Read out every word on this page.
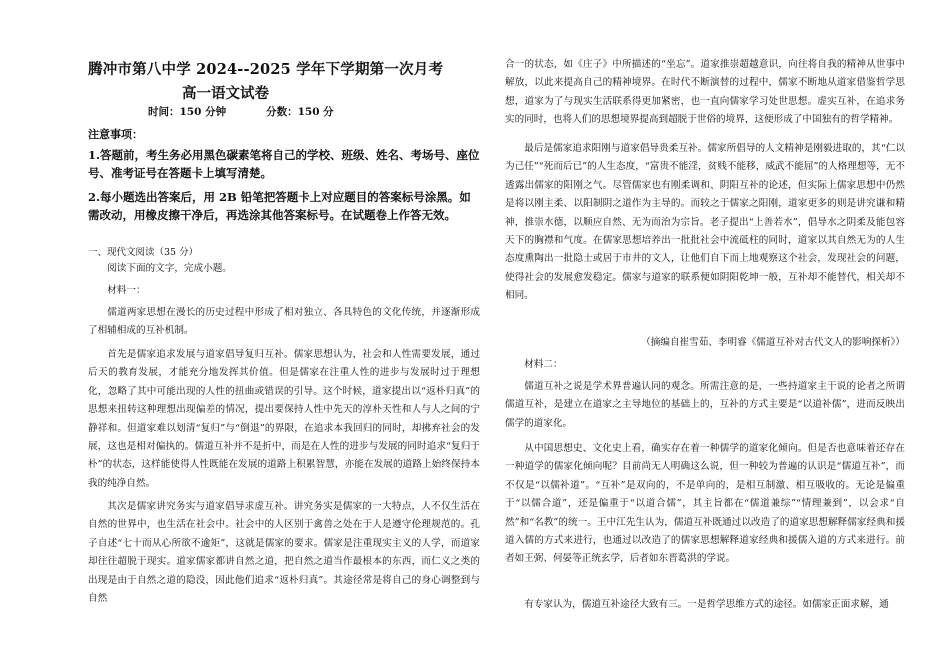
腾冲市第八中学 2024--2025 学年下学期第一次月考
高一语文试卷
时间：150 分钟	分数：150 分
注意事项：
1.答题前，考生务必用黑色碳素笔将自己的学校、班级、姓名、考场号、座位号、准考证号在答题卡上填写清楚。
2.每小题选出答案后，用 2B 铅笔把答题卡上对应题目的答案标号涂黑。如需改动，用橡皮擦干净后，再选涂其他答案标号。在试题卷上作答无效。
一、现代文阅读（35 分）
阅读下面的文字，完成小题。
材料一：
儒道两家思想在漫长的历史过程中形成了相对独立、各具特色的文化传统，并逐渐形成了相辅相成的互补机制。
首先是儒家追求发展与道家倡导复归互补。儒家思想认为，社会和人性需要发展，通过后天的教育发展，才能充分地发挥其价值。但是儒家在注重人性的进步与发展时过于理想化，忽略了其中可能出现的人性的扭曲或错误的引导。这个时候，道家提出以“返朴归真”的思想来扭转这种理想出现偏差的情况，提出要保持人性中先天的淳朴天性和人与人之间的宁静祥和。但道家难以划清“复归”与“倒退”的界限，在追求本我回归的同时，却拂弃社会的发展，这也是相对偏执的。儒道互补并不是折中，而是在人性的进步与发展的同时追求“复归于朴”的状态，这样能使得人性既能在发展的道路上积累智慧，亦能在发展的道路上始终保持本我的纯净自然。
其次是儒家讲究务实与道家倡导求虚互补。讲究务实是儒家的一大特点，人不仅生活在自然的世界中，也生活在社会中。社会中的人区别于禽兽之处在于人是遵守伦理规范的。孔子自述“七十而从心所欲不逾矩”，这就是儒家的要求。儒家是注重现实主义的人学，而道家却往往超脱于现实。道家儒家都讲自然之道，把自然之道当作最根本的东西，而仁义之类的出现是由于自然之道的隐没，因此他们追求“返朴归真”。其途径常是将自己的身心调整到与自然
合一的状态，如《庄子》中所描述的“坐忘”。道家推崇超越意识，向往将自我的精神从世事中解放，以此来提高自己的精神境界。在时代不断演替的过程中，儒家不断地从道家借鉴哲学思想，道家为了与现实生活联系得更加紧密，也一直向儒家学习处世思想。虚实互补，在追求务实的同时，也将人们的思想境界提高到超脱于世俗的境界，这便形成了中国独有的哲学精神。
最后是儒家追求阳刚与道家倡导贵柔互补。儒家所倡导的人文精神是刚毅进取的，其“仁以为己任”“死而后已”的人生态度，“富贵不能淫，贫贱不能移，威武不能屈”的人格理想等，无不透露出儒家的阳刚之气。尽管儒家也有刚柔调和、阴阳互补的论述，但实际上儒家思想中仍然是将以刚主柔、以阳制阴之道作为主导的。而较之于儒家之阳刚，道家更多的则是讲究谦和精神，推崇水德，以顺应自然、无为而治为宗旨。老子提出“上善若水”，倡导水之阴柔及能包容天下的胸襟和气度。在儒家思想培养出一批批社会中流砥柱的同时，道家以其自然无为的人生态度熏陶出一批隐士或居于市井的文人，让他们自下而上地观察这个社会，发现社会的问题，使得社会的发展愈发稳定。儒家与道家的联系便如阴阳乾坤一般，互补却不能替代，相关却不相同。
（摘编自崔雪茹、李明睿《儒道互补对古代文人的影响探析》）
材料二：
儒道互补之说是学术界普遍认同的观念。所需注意的是，一些持道家主干说的论者之所谓儒道互补，是建立在道家之主导地位的基础上的，互补的方式主要是“以道补儒”，进而反映出儒学的道家化。
从中国思想史、文化史上看，确实存在着一种儒学的道家化倾向。但是否也意味着还存在一种道学的儒家化倾向呢？目前尚无人明确这么说，但一种较为普遍的认识是“儒道互补”，而不仅是“以儒补道”。“互补”是双向的，不是单向的，是相互制激、相互吸收的。无论是偏重于“以儒合道”，还是偏重于“以道合儒”，其主旨都在“儒道兼综”“情理兼到”，以会求“自然”和“名教”的统一。王中江先生认为，儒道互补既通过以改造了的道家思想解释儒家经典和援道入儒的方式来进行，也通过以改造了的儒家思想解释道家经典和援儒入道的方式来进行。前者如王弼、何晏等正统玄学，后者如东晋葛洪的学说。
有专家认为，儒道互补途径大致有三。一是哲学思维方式的途径。如儒家正面求解，通
